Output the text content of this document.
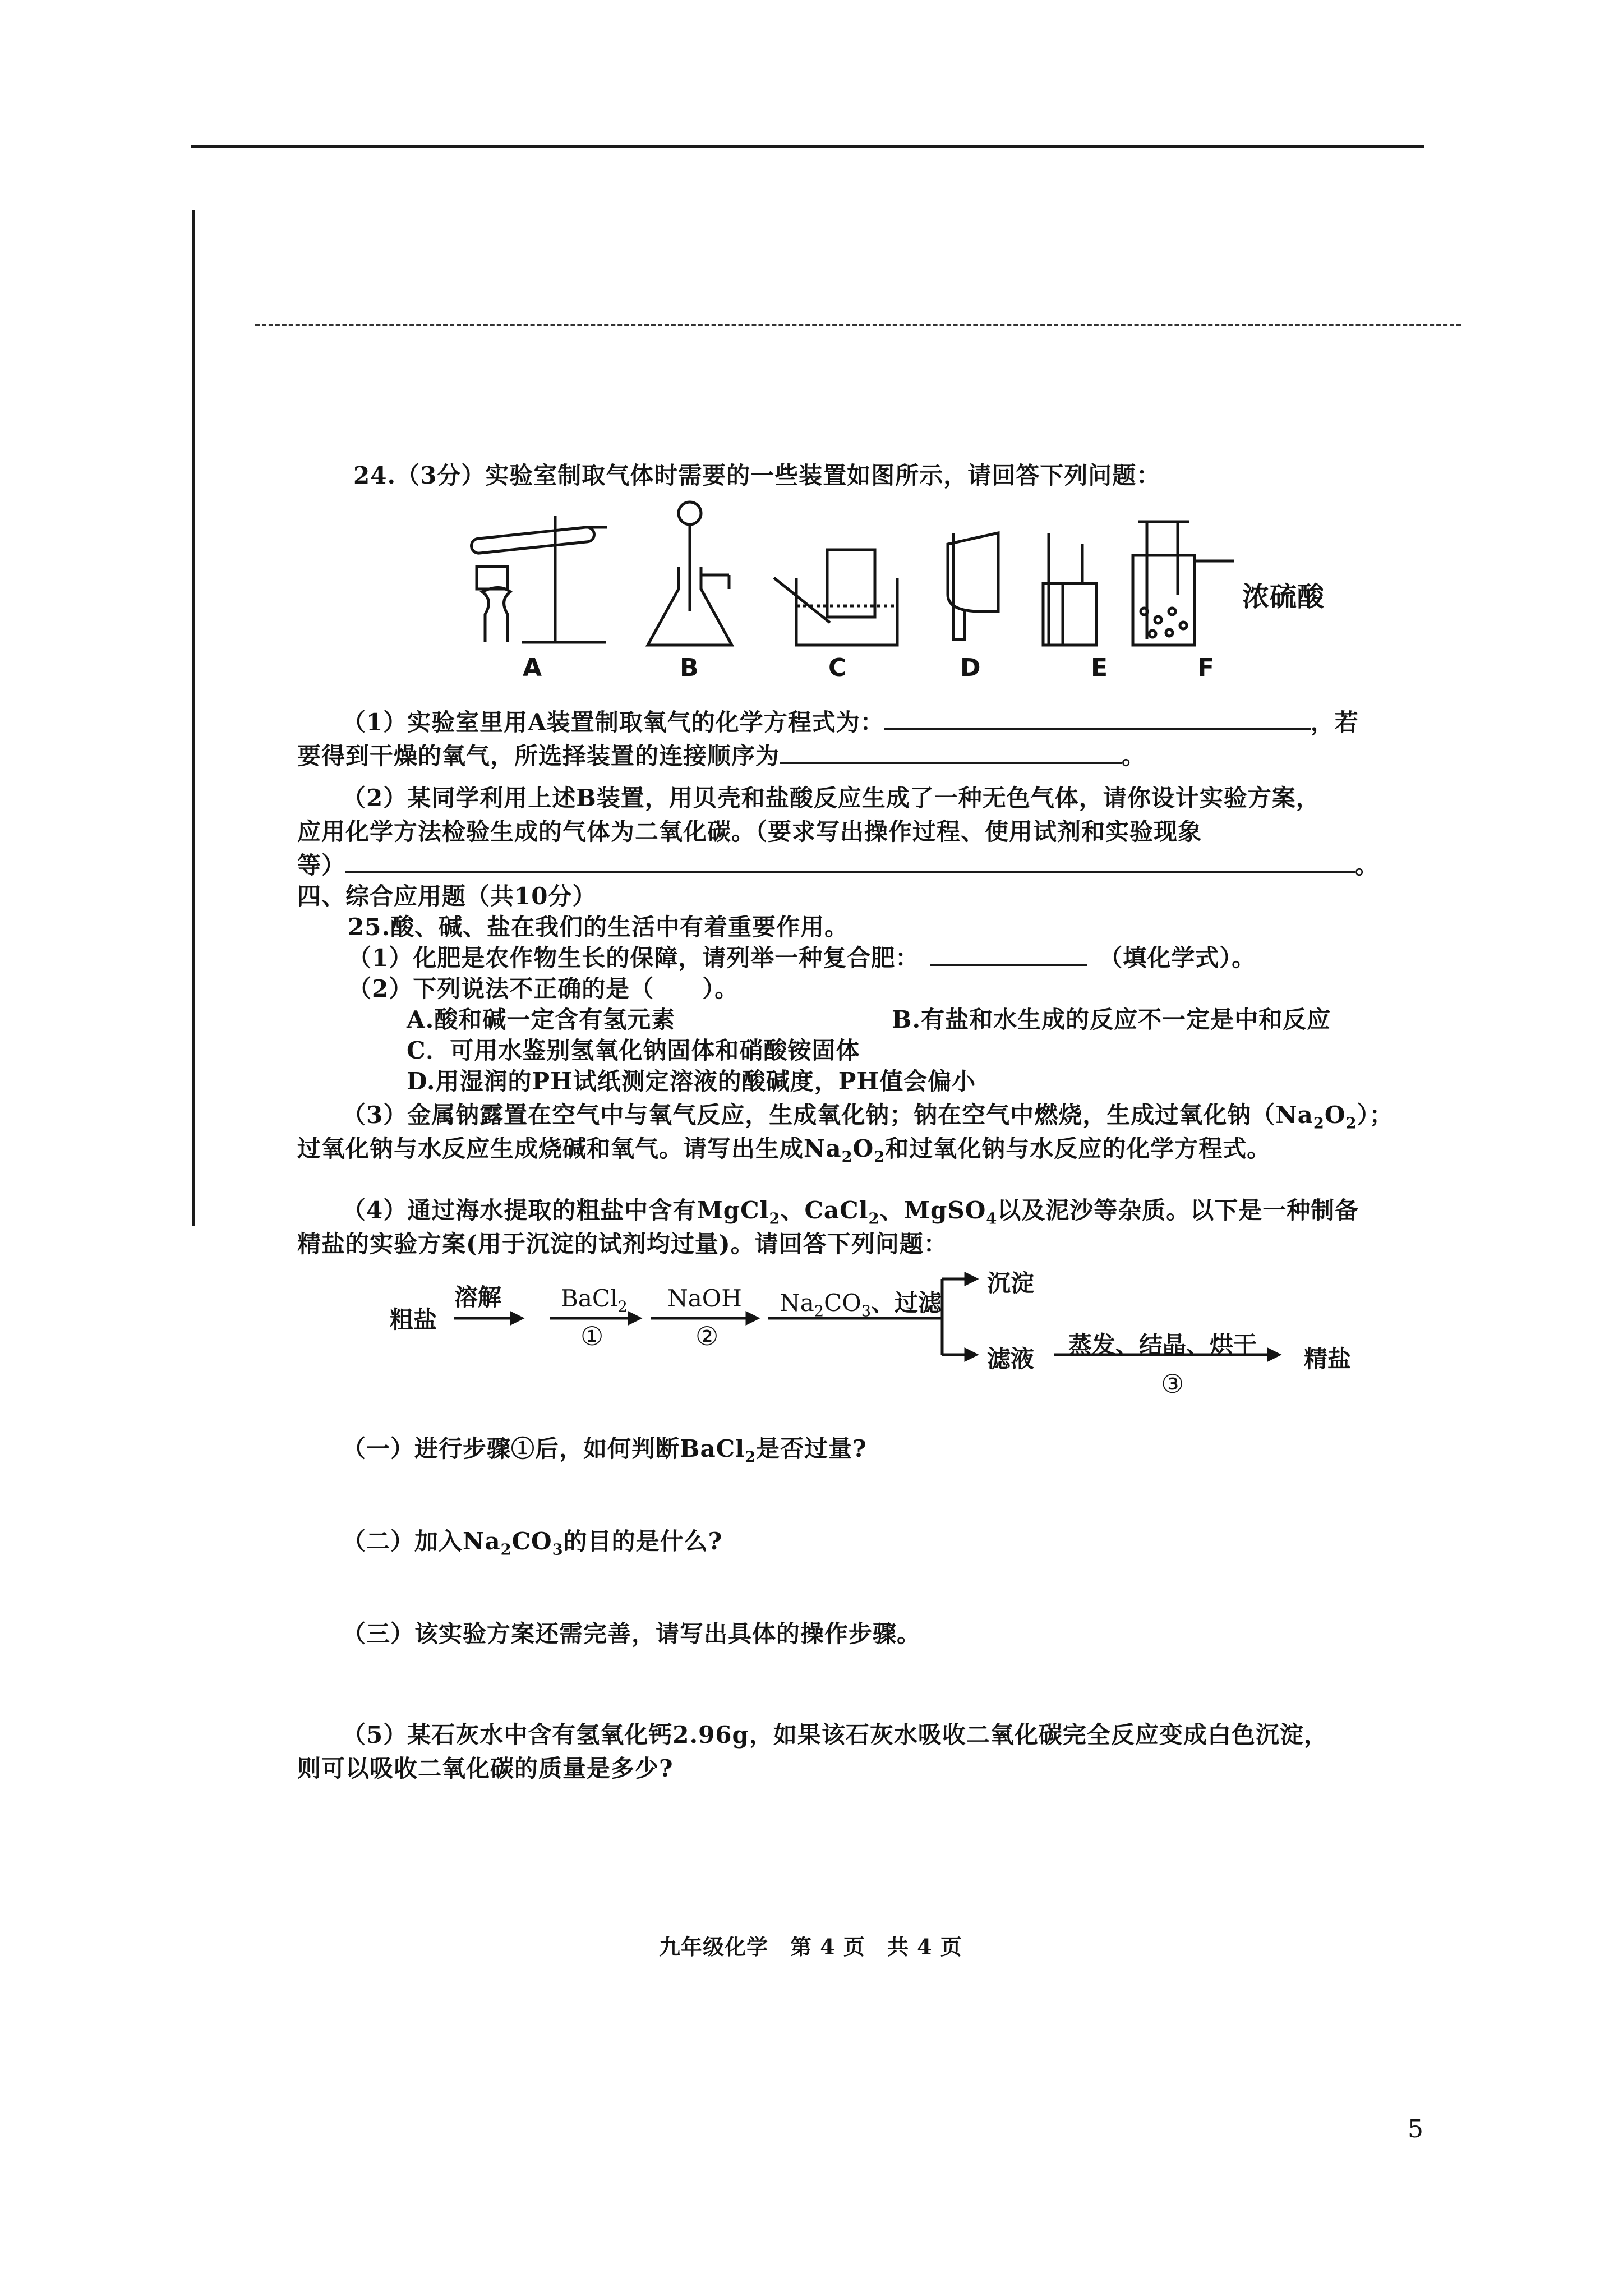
24.（3分）实验室制取气体时需要的一些装置如图所示，请回答下列问题：
浓硫酸
A	B	C	D	E	F
（1）实验室里用A装置制取氧气的化学方程式为：	，若
要得到干燥的氧气，所选择装置的连接顺序为	。
（2）某同学利用上述B装置，用贝壳和盐酸反应生成了一种无色气体，请你设计实验方案，
应用化学方法检验生成的气体为二氧化碳。（要求写出操作过程、使用试剂和实验现象
等）	。
四、综合应用题（共10分）
25.酸、碱、盐在我们的生活中有着重要作用。
（1）化肥是农作物生长的保障，请列举一种复合肥：	（填化学式）。
（2）下列说法不正确的是（　　）。
A.酸和碱一定含有氢元素	B.有盐和水生成的反应不一定是中和反应
C．可用水鉴别氢氧化钠固体和硝酸铵固体
D.用湿润的PH试纸测定溶液的酸碱度，PH值会偏小
（3）金属钠露置在空气中与氧气反应，生成氧化钠；钠在空气中燃烧，生成过氧化钠$(Na_2O_2)$；
过氧化钠与水反应生成烧碱和氧气。请写出生成$Na_2O_2$和过氧化钠与水反应的化学方程式。
（4）通过海水提取的粗盐中含有MgCl$_2$、CaCl$_2$、MgSO$_4$以及泥沙等杂质。以下是一种制备
精盐的实验方案(用于沉淀的试剂均过量)。请回答下列问题：
粗盐
溶解	BaCl$_2$
①
NaOH
②
$Na_2CO_3$、过滤
沉淀
滤液
蒸发、结晶、烘干
③
精盐
（一）进行步骤①后，如何判断BaCl$_2$是否过量?
（二）加入$Na_2CO_3$的目的是什么?
（三）该实验方案还需完善，请写出具体的操作步骤。
（5）某石灰水中含有氢氧化钙2.96g，如果该石灰水吸收二氧化碳完全反应变成白色沉淀，
则可以吸收二氧化碳的质量是多少?
九年级化学　第 4 页　共 4 页
5
